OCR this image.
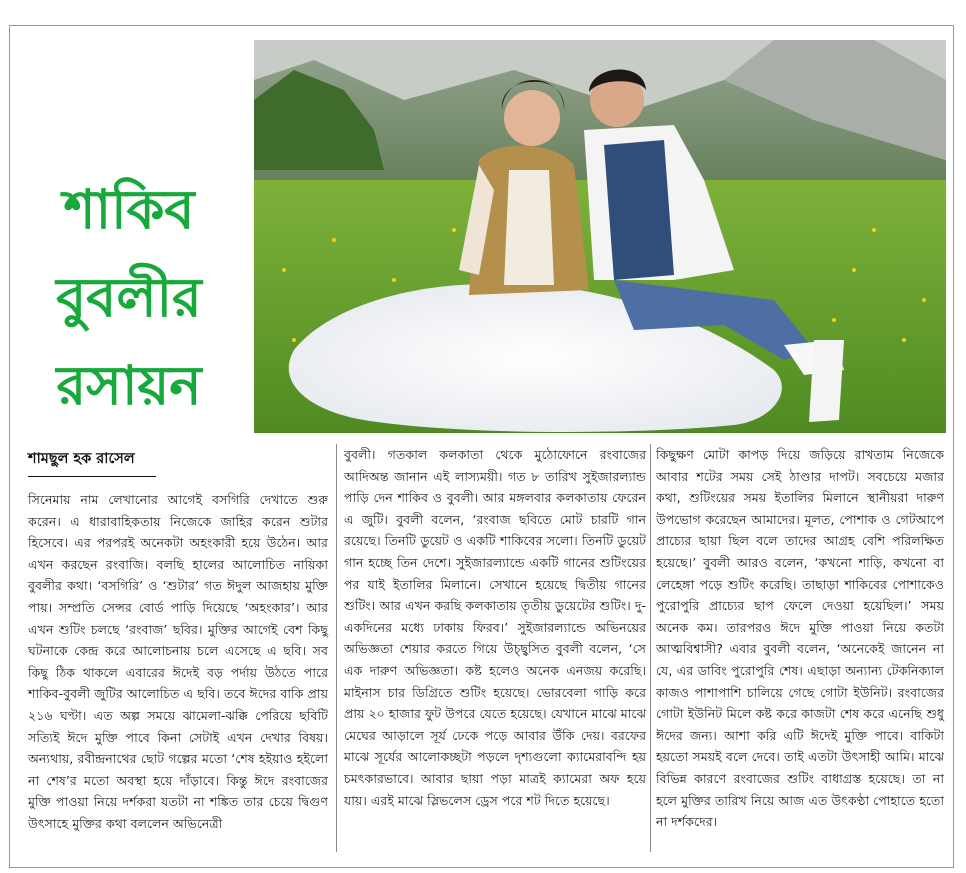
শাকিব
বুবলীর
রসায়ন
শামছুল হক রাসেল
সিনেমায় নাম লেখানোর আগেই বসগিরি দেখাতে শুরু করেন। এ ধারাবাহিকতায় নিজেকে জাহির করেন শুটার হিসেবে। এর পরপরই অনেকটা অহংকারী হয়ে উঠেন। আর এখন করছেন রংবাজি। বলছি হালের আলোচিত নায়িকা বুবলীর কথা। ‘বসগিরি’ ও ‘শুটার’ গত ঈদুল আজহায় মুক্তি পায়। সম্প্রতি সেন্সর বোর্ড পাড়ি দিয়েছে ‘অহংকার’। আর এখন শুটিং চলছে ‘রংবাজ’ ছবির। মুক্তির আগেই বেশ কিছু ঘটনাকে কেন্দ্র করে আলোচনায় চলে এসেছে এ ছবি। সব কিছু ঠিক থাকলে এবারের ঈদেই বড় পর্দায় উঠতে পারে শাকিব-বুবলী জুটির আলোচিত এ ছবি। তবে ঈদের বাকি প্রায় ২১৬ ঘণ্টা। এত অল্প সময়ে ঝামেলা-ঝক্কি পেরিয়ে ছবিটি সত্যিই ঈদে মুক্তি পাবে কিনা সেটাই এখন দেখার বিষয়। অন্যথায়, রবীন্দ্রনাথের ছোট গল্পের মতো ‘শেষ হইয়াও হইলো না শেষ’র মতো অবস্থা হয়ে দাঁড়াবে। কিন্তু ঈদে রংবাজের মুক্তি পাওয়া নিয়ে দর্শকরা যতটা না শঙ্কিত তার চেয়ে দ্বিগুণ উৎসাহে মুক্তির কথা বললেন অভিনেত্রী
বুবলী। গতকাল কলকাতা থেকে মুঠোফোনে রংবাজের আদিঅন্ত জানান এই লাস্যময়ী। গত ৮ তারিখ সুইজারল্যান্ড পাড়ি দেন শাকিব ও বুবলী। আর মঙ্গলবার কলকাতায় ফেরেন এ জুটি। বুবলী বলেন, ‘রংবাজ ছবিতে মোট চারটি গান রয়েছে। তিনটি ডুয়েট ও একটি শাকিবের সলো। তিনটি ডুয়েট গান হচ্ছে তিন দেশে। সুইজারল্যান্ডে একটি গানের শুটিংয়ের পর যাই ইতালির মিলানে। সেখানে হয়েছে দ্বিতীয় গানের শুটিং। আর এখন করছি কলকাতায় তৃতীয় ডুয়েটের শুটিং। দু-একদিনের মধ্যে ঢাকায় ফিরব।’ সুইজারল্যান্ডে অভিনয়ের অভিজ্ঞতা শেয়ার করতে গিয়ে উচ্ছ্বসিত বুবলী বলেন, ‘সে এক দারুণ অভিজ্ঞতা। কষ্ট হলেও অনেক এনজয় করেছি। মাইনাস চার ডিগ্রিতে শুটিং হয়েছে। ভোরবেলা গাড়ি করে প্রায় ২০ হাজার ফুট উপরে যেতে হয়েছে। যেখানে মাঝে মাঝে মেঘের আড়ালে সূর্য ঢেকে পড়ে আবার উঁকি দেয়। বরফের মাঝে সূর্যের আলোকচ্ছটা পড়লে দৃশ্যগুলো ক্যামেরাবন্দি হয় চমৎকারভাবে। আবার ছায়া পড়া মাত্রই ক্যামেরা অফ হয়ে যায়। এরই মাঝে স্লিভলেস ড্রেস পরে শট দিতে হয়েছে।
কিছুক্ষণ মোটা কাপড় দিয়ে জড়িয়ে রাখতাম নিজেকে আবার শটের সময় সেই ঠাণ্ডার দাপট। সবচেয়ে মজার কথা, শুটিংয়ের সময় ইতালির মিলানে স্থানীয়রা দারুণ উপভোগ করেছেন আমাদের। মূলত, পোশাক ও গেটআপে প্রাচ্যের ছায়া ছিল বলে তাদের আগ্রহ বেশি পরিলক্ষিত হয়েছে।’ বুবলী আরও বলেন, ‘কখনো শাড়ি, কখনো বা লেহেঙ্গা পড়ে শুটিং করেছি। তাছাড়া শাকিবের পোশাকেও পুরোপুরি প্রাচ্যের ছাপ ফেলে দেওয়া হয়েছিল।’ সময় অনেক কম। তারপরও ঈদে মুক্তি পাওয়া নিয়ে কতটা আত্মবিশ্বাসী? এবার বুবলী বলেন, ‘অনেকেই জানেন না যে, এর ডাবিং পুরোপুরি শেষ। এছাড়া অন্যান্য টেকনিক্যাল কাজও পাশাপাশি চালিয়ে গেছে গোটা ইউনিট। রংবাজের গোটা ইউনিট মিলে কষ্ট করে কাজটা শেষ করে এনেছি শুধু ঈদের জন্য। আশা করি এটি ঈদেই মুক্তি পাবে। বাকিটা হয়তো সময়ই বলে দেবে। তাই এতটা উৎসাহী আমি। মাঝে বিভিন্ন কারণে রংবাজের শুটিং বাধাগ্রস্ত হয়েছে। তা না হলে মুক্তির তারিখ নিয়ে আজ এত উৎকণ্ঠা পোহাতে হতো না দর্শকদের।
